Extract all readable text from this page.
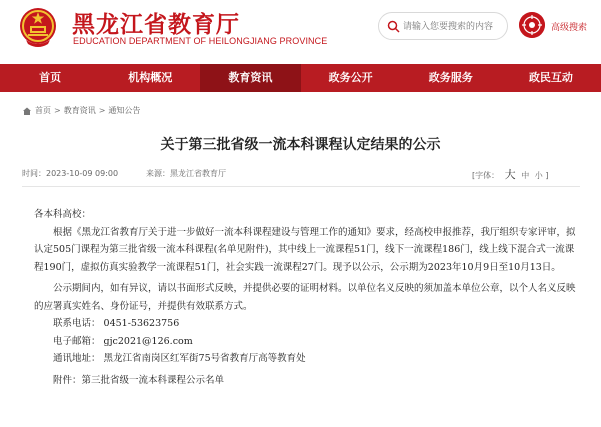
黑龙江省教育厅
EDUCATION DEPARTMENT OF HEILONGJIANG PROVINCE
请输入您要搜索的内容
高级搜索
首页	机构概况	教育资讯	政务公开	政务服务	政民互动
首页 > 教育资讯 > 通知公告
关于第三批省级一流本科课程认定结果的公示
时间：2023-10-09 09:00	来源：黑龙江省教育厅	[字体： 大 中 小 ]

各本科高校：

根据《黑龙江省教育厅关于进一步做好一流本科课程建设与管理工作的通知》要求，经高校申报推荐，我厅组织专家评审，拟认定505门课程为第三批省级一流本科课程(名单见附件)，其中线上一流课程51门，线下一流课程186门，线上线下混合式一流课程190门，虚拟仿真实验教学一流课程51门，社会实践一流课程27门。现予以公示，公示期为2023年10月9日至10月13日。

公示期间内，如有异议，请以书面形式反映，并提供必要的证明材料。以单位名义反映的须加盖本单位公章，以个人名义反映的应署真实姓名、身份证号，并提供有效联系方式。

联系电话： 0451-53623756

电子邮箱： gjc2021@126.com

通讯地址： 黑龙江省南岗区红军街75号省教育厅高等教育处

附件：第三批省级一流本科课程公示名单
